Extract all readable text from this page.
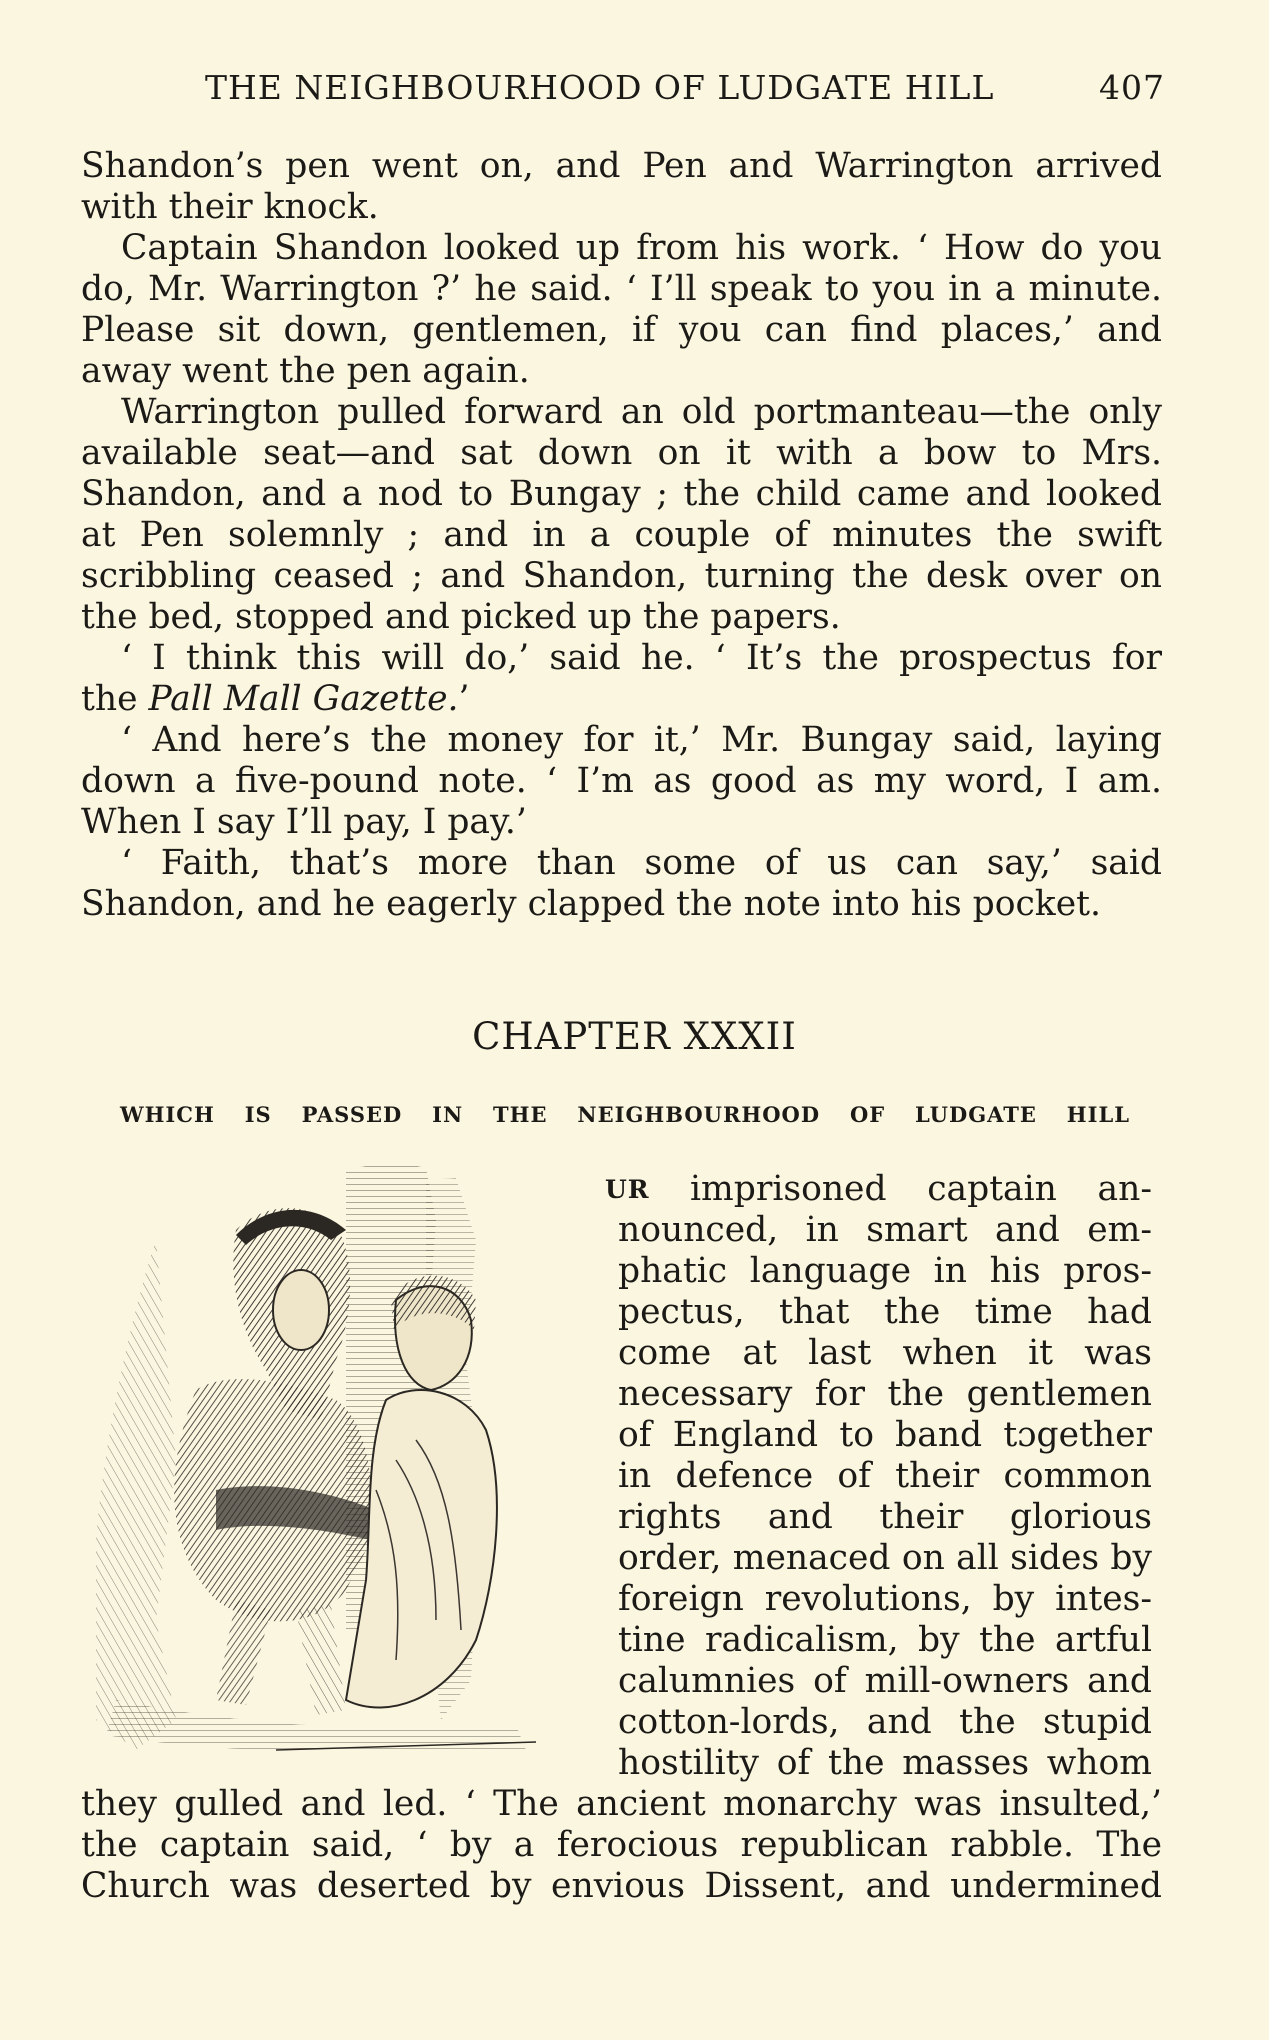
THE NEIGHBOURHOOD OF LUDGATE HILL	407
Shandon’s pen went on, and Pen and Warrington arrived
with their knock.
Captain Shandon looked up from his work. ‘ How do you
do, Mr. Warrington ?’ he said. ‘ I’ll speak to you in a minute.
Please sit down, gentlemen, if you can find places,’ and
away went the pen again.
Warrington pulled forward an old portmanteau—the only
available seat—and sat down on it with a bow to Mrs.
Shandon, and a nod to Bungay ; the child came and looked
at Pen solemnly ; and in a couple of minutes the swift
scribbling ceased ; and Shandon, turning the desk over on
the bed, stopped and picked up the papers.
‘ I think this will do,’ said he. ‘ It’s the prospectus for
the Pall Mall Gazette.’
‘ And here’s the money for it,’ Mr. Bungay said, laying
down a five-pound note. ‘ I’m as good as my word, I am.
When I say I’ll pay, I pay.’
‘ Faith, that’s more than some of us can say,’ said
Shandon, and he eagerly clapped the note into his pocket.
CHAPTER XXXII
WHICH IS PASSED IN THE NEIGHBOURHOOD OF LUDGATE HILL
UR imprisoned captain an-
nounced, in smart and em-
phatic language in his pros-
pectus, that the time had
come at last when it was
necessary for the gentlemen
of England to band tɔgether
in defence of their common
rights and their glorious
order, menaced on all sides by
foreign revolutions, by intes-
tine radicalism, by the artful
calumnies of mill-owners and
cotton-lords, and the stupid
hostility of the masses whom
they gulled and led. ‘ The ancient monarchy was insulted,’
the captain said, ‘ by a ferocious republican rabble. The
Church was deserted by envious Dissent, and undermined
